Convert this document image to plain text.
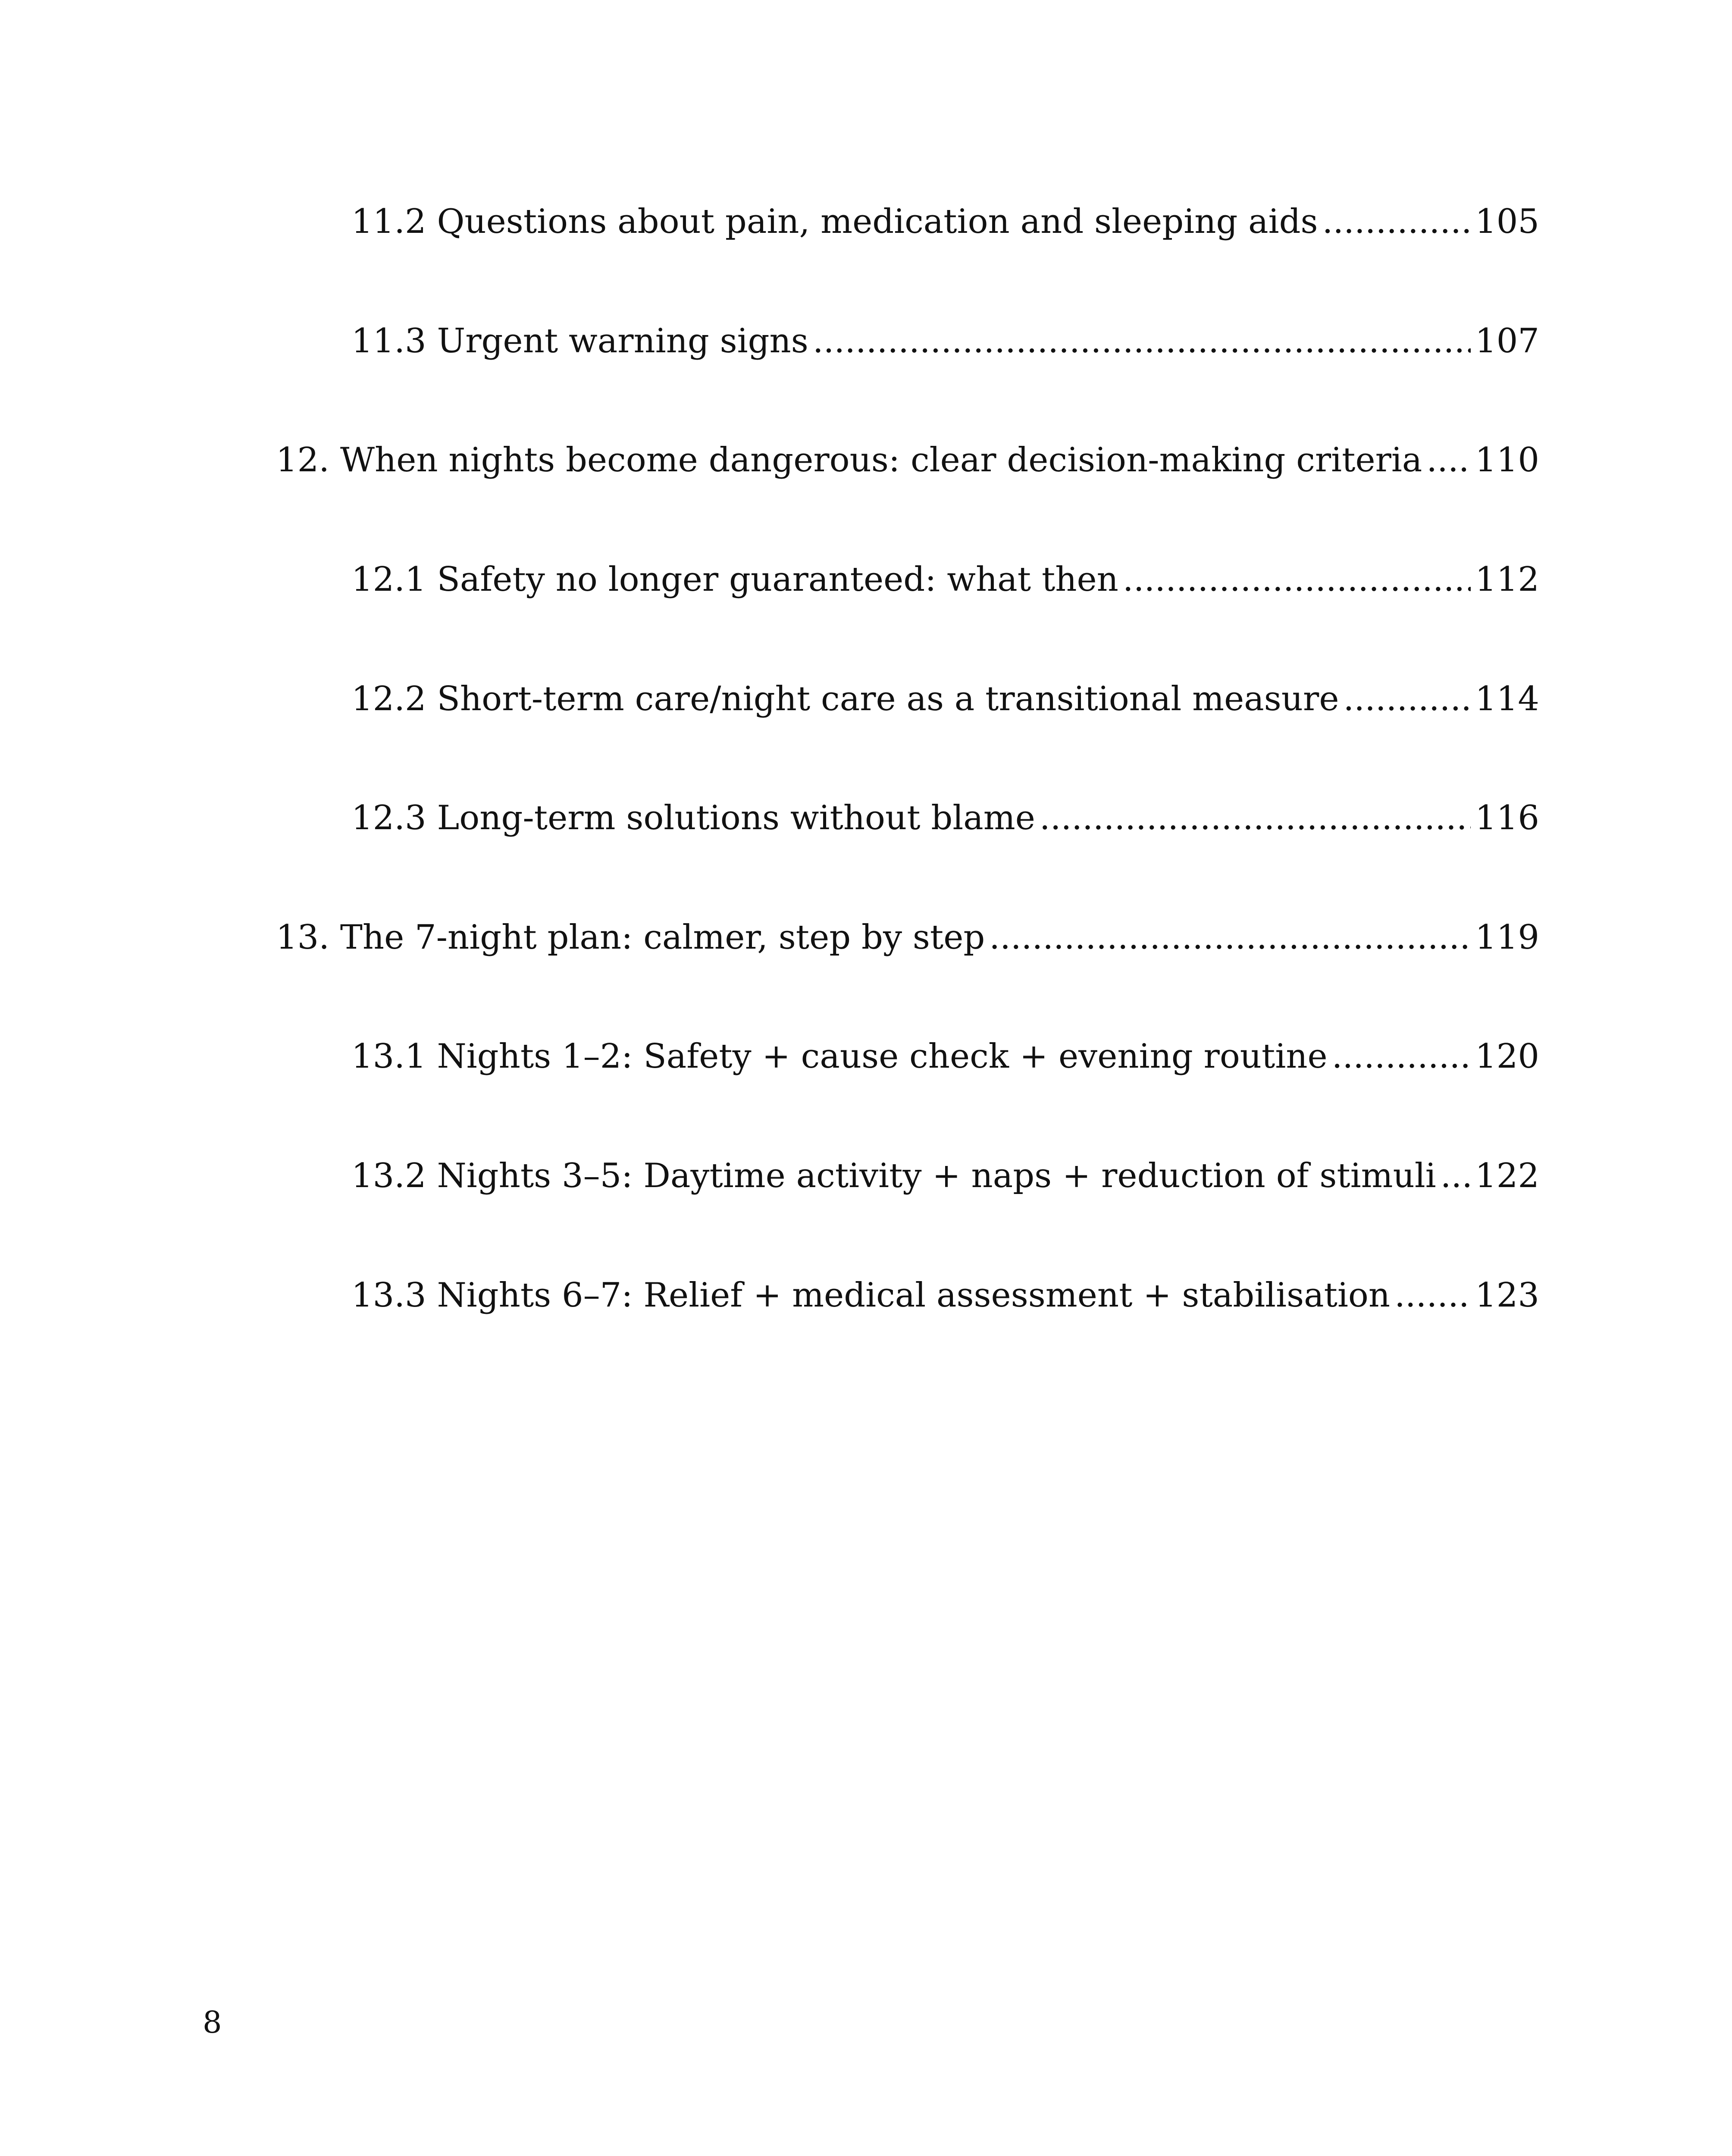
11.2 Questions about pain, medication and sleeping aids .....	105
11.3 Urgent warning signs .....	107
12. When nights become dangerous: clear decision-making criteria ..... 110
12.1 Safety no longer guaranteed: what then .....	112
12.2 Short-term care/night care as a transitional measure .....	114
12.3 Long-term solutions without blame .....	116
13. The 7-night plan: calmer, step by step .....	119
13.1 Nights 1–2: Safety + cause check + evening routine .....	120
13.2 Nights 3–5: Daytime activity + naps + reduction of stimuli ..... 122
13.3 Nights 6–7: Relief + medical assessment + stabilisation .....	123
8
